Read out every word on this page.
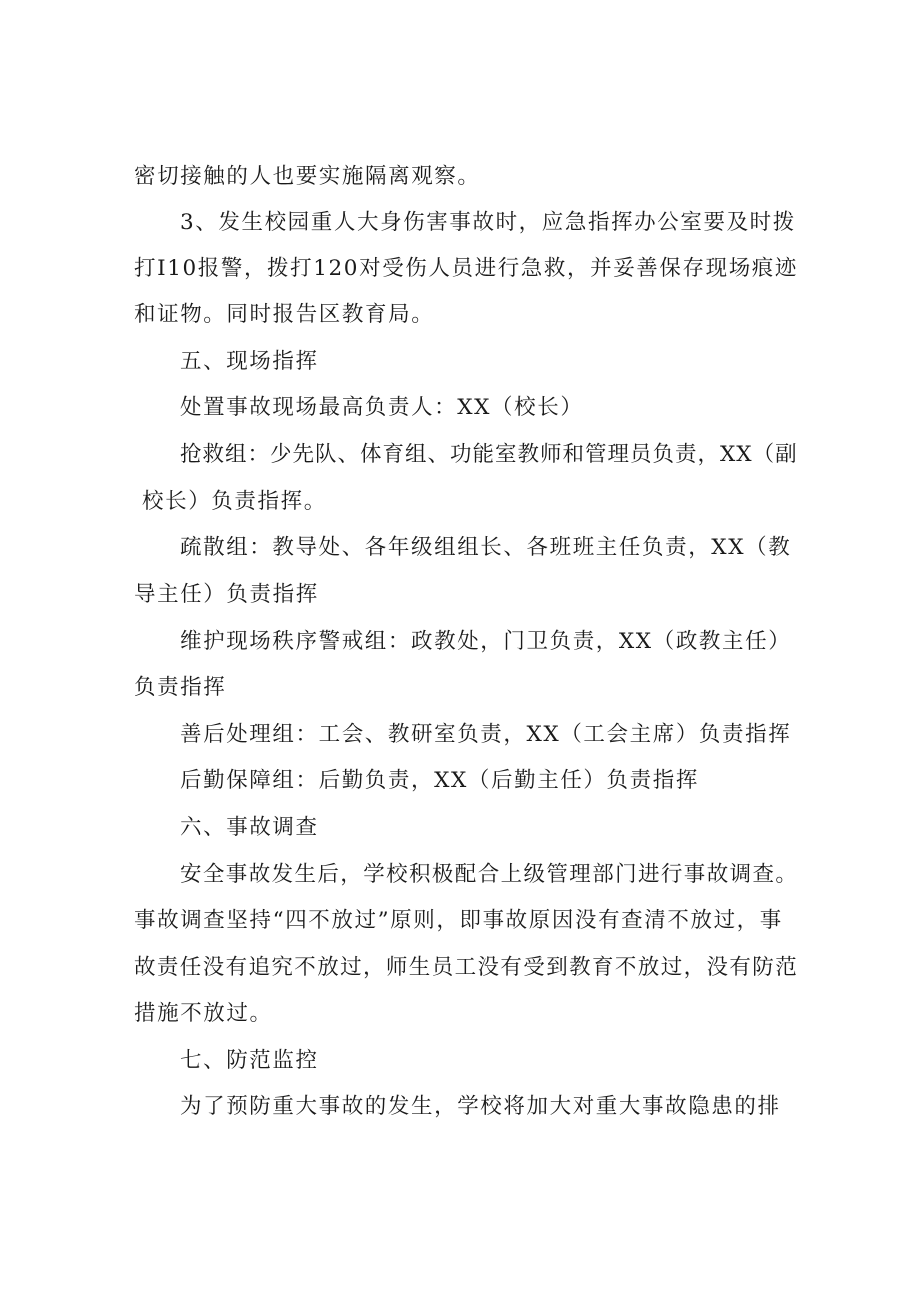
密切接触的人也要实施隔离观察。
3、发生校园重人大身伤害事故时，应急指挥办公室要及时拨
打I10报警，拨打120对受伤人员进行急救，并妥善保存现场痕迹
和证物。同时报告区教育局。
五、现场指挥
处置事故现场最高负责人：XX（校长）
抢救组：少先队、体育组、功能室教师和管理员负责，XX（副
校长）负责指挥。
疏散组：教导处、各年级组组长、各班班主任负责，XX（教
导主任）负责指挥
维护现场秩序警戒组：政教处，门卫负责，XX（政教主任）
负责指挥
善后处理组：工会、教研室负责，XX（工会主席）负责指挥
后勤保障组：后勤负责，XX（后勤主任）负责指挥
六、事故调查
安全事故发生后，学校积极配合上级管理部门进行事故调查。
事故调查坚持“四不放过”原则，即事故原因没有查清不放过，事
故责任没有追究不放过，师生员工没有受到教育不放过，没有防范
措施不放过。
七、防范监控
为了预防重大事故的发生，学校将加大对重大事故隐患的排
